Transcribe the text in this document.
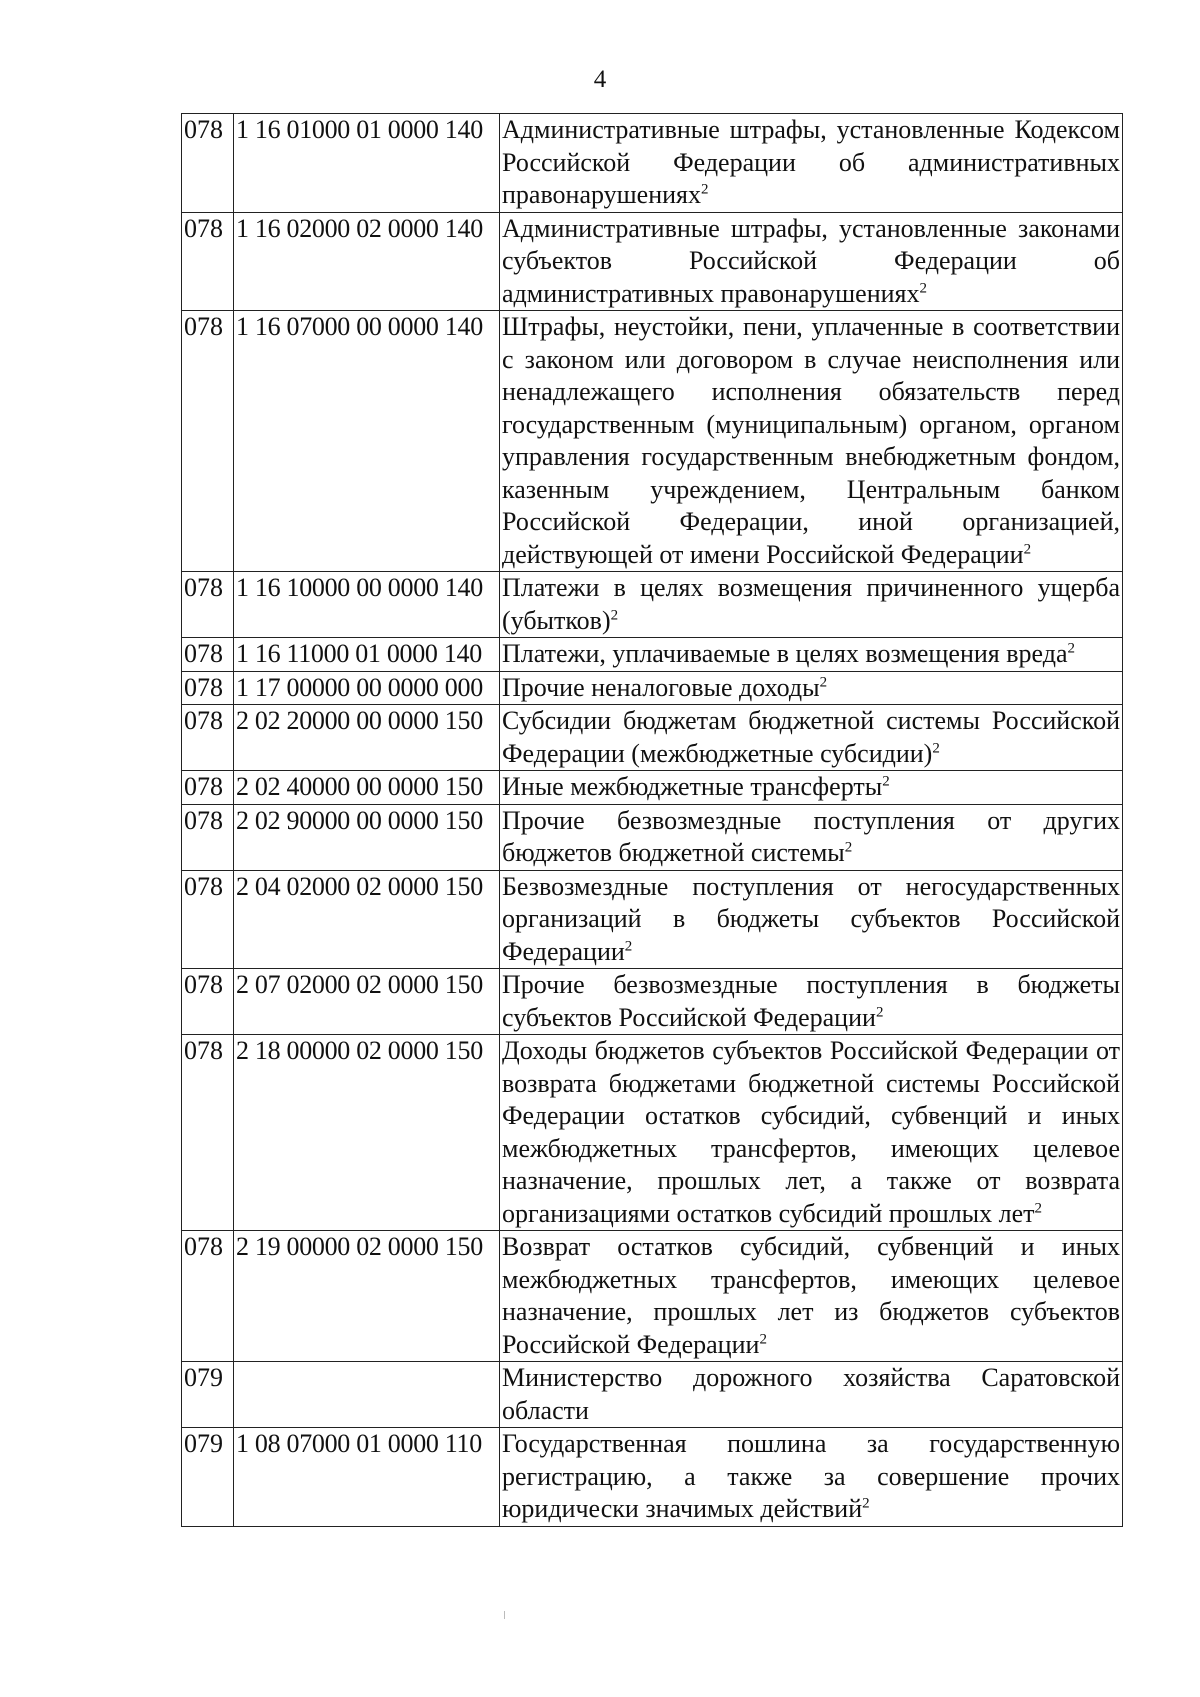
4
078	1 16 01000 01 0000 140	Административные штрафы, установленные Кодексом Российской Федерации об административных правонарушениях$^2$
078	1 16 02000 02 0000 140	Административные штрафы, установленные законами субъектов Российской Федерации об административных правонарушениях$^2$
078	1 16 07000 00 0000 140	Штрафы, неустойки, пени, уплаченные в соответствии с законом или договором в случае неисполнения или ненадлежащего исполнения обязательств перед государственным (муниципальным) органом, органом управления государственным внебюджетным фондом, казенным учреждением, Центральным банком Российской Федерации, иной организацией, действующей от имени Российской Федерации$^2$
078	1 16 10000 00 0000 140	Платежи в целях возмещения причиненного ущерба (убытков)$^2$
078	1 16 11000 01 0000 140	Платежи, уплачиваемые в целях возмещения вреда$^2$
078	1 17 00000 00 0000 000	Прочие неналоговые доходы$^2$
078	2 02 20000 00 0000 150	Субсидии бюджетам бюджетной системы Российской Федерации (межбюджетные субсидии)$^2$
078	2 02 40000 00 0000 150	Иные межбюджетные трансферты$^2$
078	2 02 90000 00 0000 150	Прочие безвозмездные поступления от других бюджетов бюджетной системы$^2$
078	2 04 02000 02 0000 150	Безвозмездные поступления от негосударственных организаций в бюджеты субъектов Российской Федерации$^2$
078	2 07 02000 02 0000 150	Прочие безвозмездные поступления в бюджеты субъектов Российской Федерации$^2$
078	2 18 00000 02 0000 150	Доходы бюджетов субъектов Российской Федерации от возврата бюджетами бюджетной системы Российской Федерации остатков субсидий, субвенций и иных межбюджетных трансфертов, имеющих целевое назначение, прошлых лет, а также от возврата организациями остатков субсидий прошлых лет$^2$
078	2 19 00000 02 0000 150	Возврат остатков субсидий, субвенций и иных межбюджетных трансфертов, имеющих целевое назначение, прошлых лет из бюджетов субъектов Российской Федерации$^2$
079		Министерство дорожного хозяйства Саратовской области
079	1 08 07000 01 0000 110	Государственная пошлина за государственную регистрацию, а также за совершение прочих юридически значимых действий$^2$
